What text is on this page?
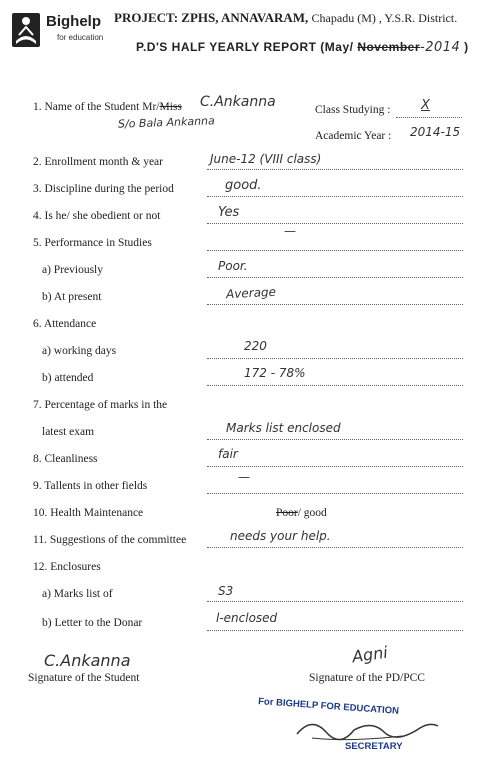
Bighelp
for education
PROJECT: ZPHS, ANNAVARAM, Chapadu (M) , Y.S.R. District.
P.D'S HALF YEARLY REPORT (May/ November-2014 )
1. Name of the Student Mr/Miss C.Ankanna
S/o Bala Ankanna
Class Studying : X
Academic Year : 2014-15
2. Enrollment month & year	June-12 (VIII class)
3. Discipline during the period	good.
4. Is he/ she obedient or not	Yes
5. Performance in Studies
—
a) Previously	Poor.
b) At present	Average
6. Attendance
a) working days	220
b) attended	172 - 78%
7. Percentage of marks in the
latest exam	Marks list enclosed
8. Cleanliness	fair
9. Tallents in other fields
—
10. Health Maintenance	Poor/ good
11. Suggestions of the committee	needs your help.
12. Enclosures
a) Marks list of	S3
b) Letter to the Donar	l-enclosed
C.Ankanna
Signature of the Student
Agni
Signature of the PD/PCC
For BIGHELP FOR EDUCATION
SECRETARY
